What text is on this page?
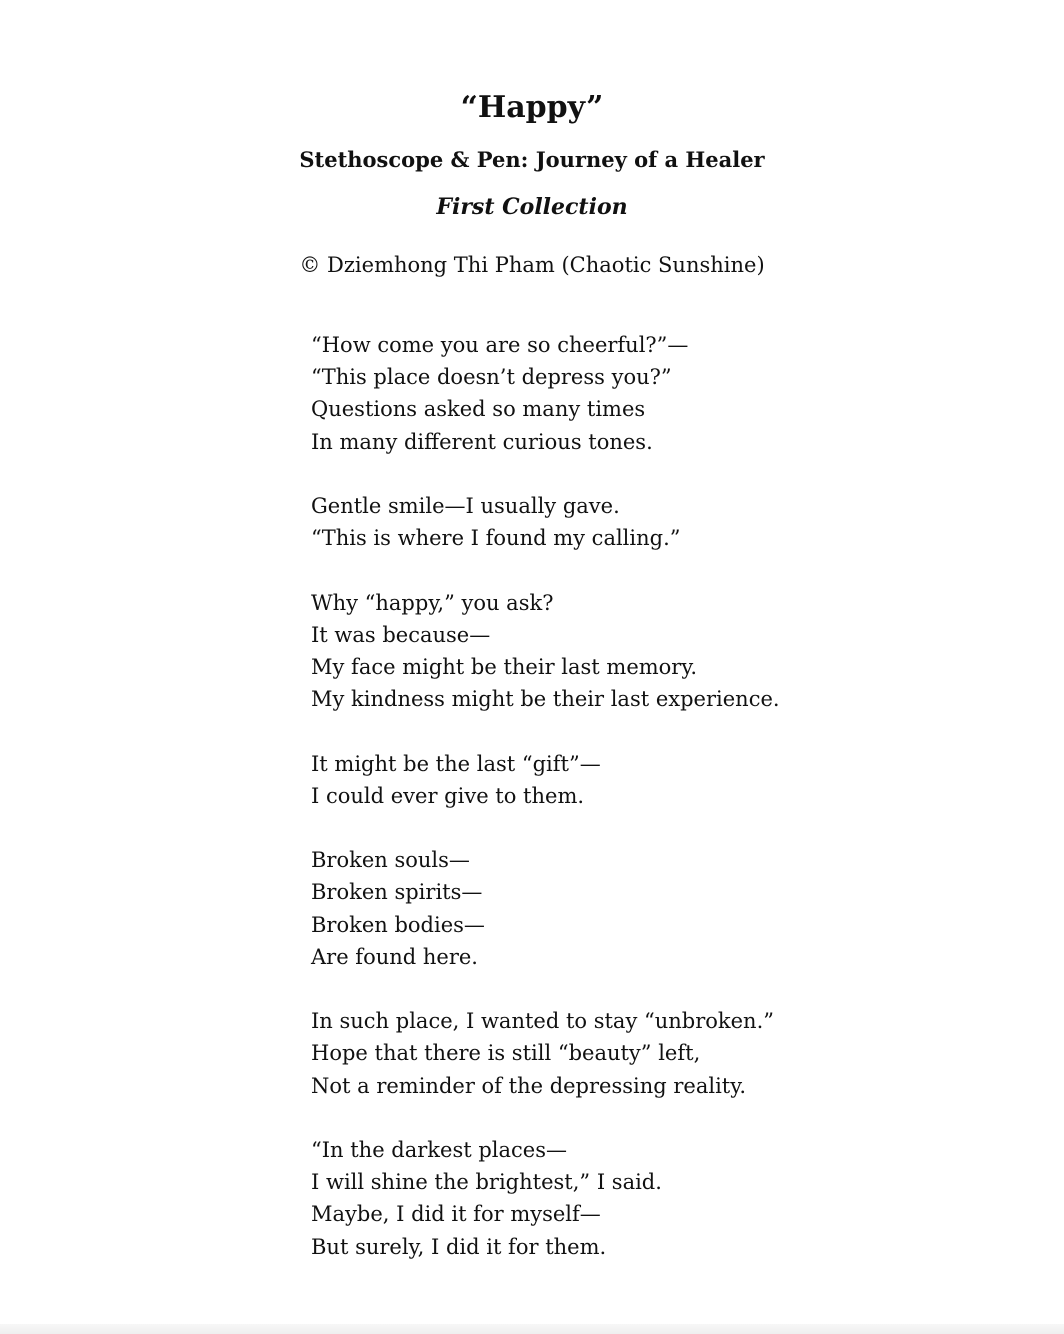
“Happy”
Stethoscope & Pen: Journey of a Healer
First Collection
© Dziemhong Thi Pham (Chaotic Sunshine)
“How come you are so cheerful?”—
“This place doesn’t depress you?”
Questions asked so many times
In many different curious tones.
Gentle smile—I usually gave.
“This is where I found my calling.”
Why “happy,” you ask?
It was because—
My face might be their last memory.
My kindness might be their last experience.
It might be the last “gift”—
I could ever give to them.
Broken souls—
Broken spirits—
Broken bodies—
Are found here.
In such place, I wanted to stay “unbroken.”
Hope that there is still “beauty” left,
Not a reminder of the depressing reality.
“In the darkest places—
I will shine the brightest,” I said.
Maybe, I did it for myself—
But surely, I did it for them.
